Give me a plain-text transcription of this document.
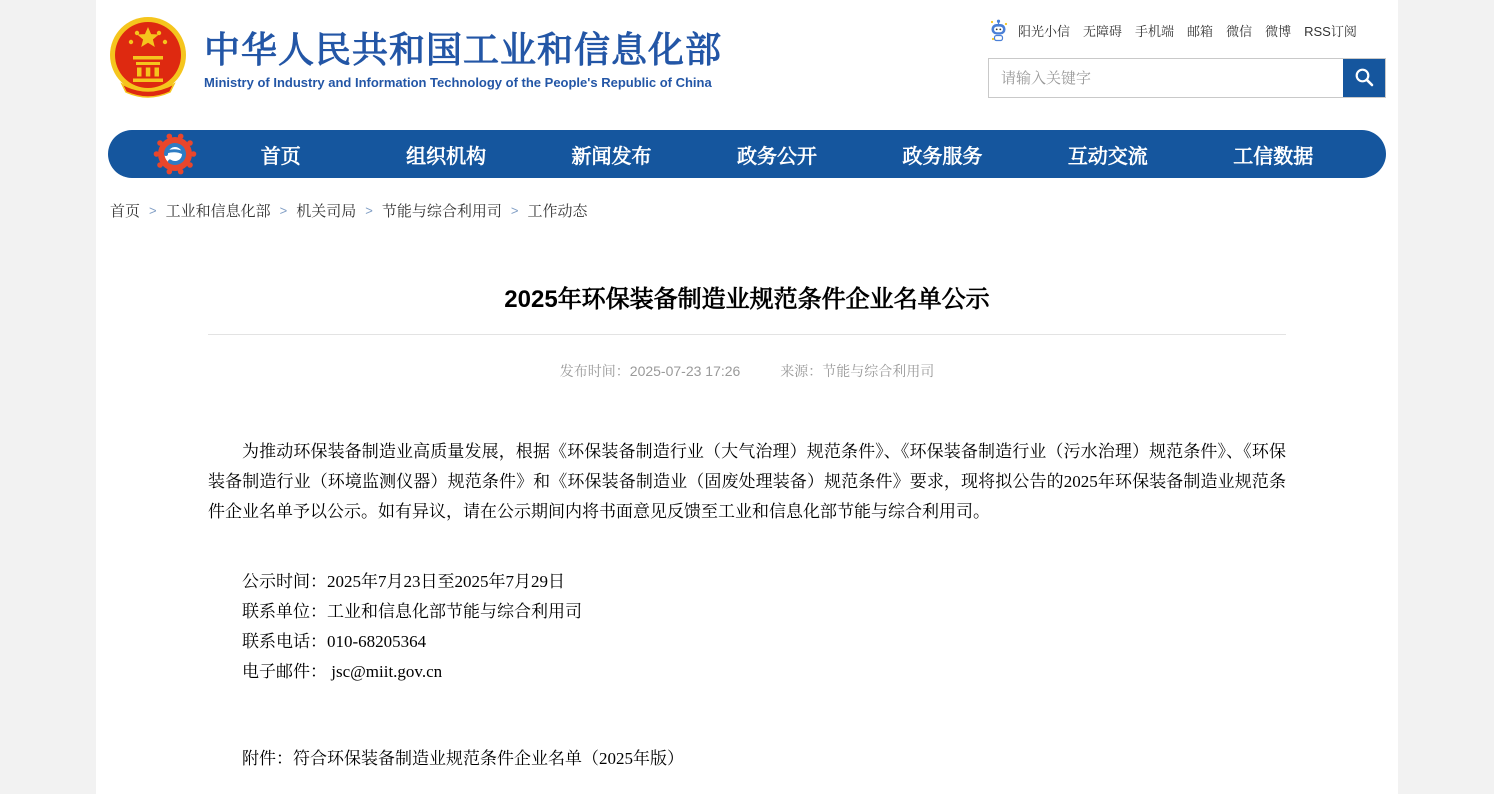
中华人民共和国工业和信息化部
Ministry of Industry and Information Technology of the People's Republic of China
阳光小信 无障碍 手机端 邮箱 微信 微博 RSS订阅
请输入关键字
首页	组织机构	新闻发布	政务公开	政务服务	互动交流	工信数据
首页 > 工业和信息化部 > 机关司局 > 节能与综合利用司 > 工作动态
2025年环保装备制造业规范条件企业名单公示
发布时间：2025-07-23 17:26	来源：节能与综合利用司

为推动环保装备制造业高质量发展，根据《环保装备制造行业（大气治理）规范条件》、《环保装备制造行业（污水治理）规范条件》、《环保装备制造行业（环境监测仪器）规范条件》和《环保装备制造业（固废处理装备）规范条件》要求，现将拟公告的2025年环保装备制造业规范条件企业名单予以公示。如有异议，请在公示期间内将书面意见反馈至工业和信息化部节能与综合利用司。

公示时间：2025年7月23日至2025年7月29日
联系单位：工业和信息化部节能与综合利用司
联系电话：010-68205364
电子邮件： jsc@miit.gov.cn
附件：符合环保装备制造业规范条件企业名单（2025年版）
